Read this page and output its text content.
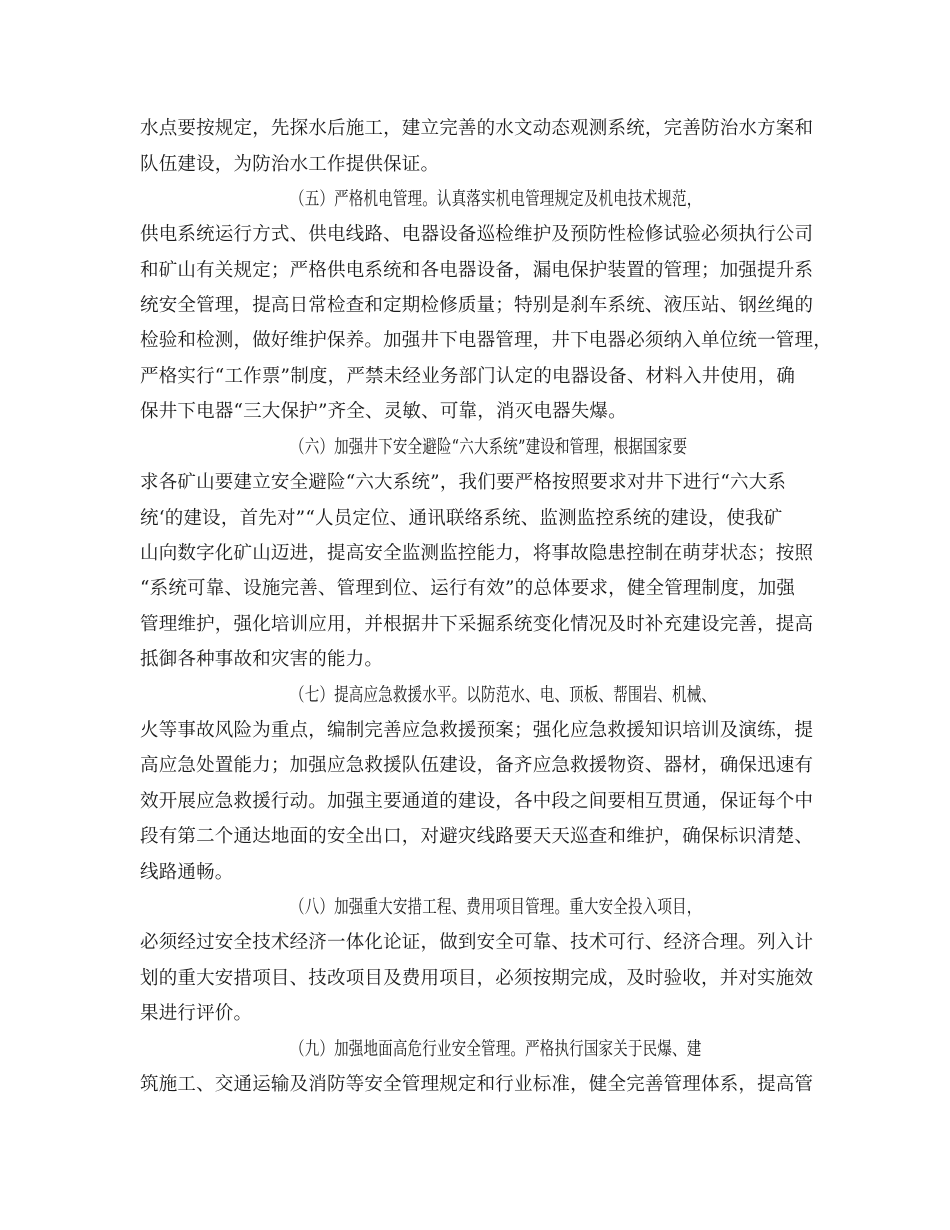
水点要按规定，先探水后施工，建立完善的水文动态观测系统，完善防治水方案和
队伍建设，为防治水工作提供保证。
（五）严格机电管理。认真落实机电管理规定及机电技术规范，
供电系统运行方式、供电线路、电器设备巡检维护及预防性检修试验必须执行公司
和矿山有关规定；严格供电系统和各电器设备，漏电保护装置的管理；加强提升系
统安全管理，提高日常检查和定期检修质量；特别是刹车系统、液压站、钢丝绳的
检验和检测，做好维护保养。加强井下电器管理，井下电器必须纳入单位统一管理，
严格实行“工作票”制度，严禁未经业务部门认定的电器设备、材料入井使用，确
保井下电器“三大保护”齐全、灵敏、可靠，消灭电器失爆。
（六）加强井下安全避险“六大系统”建设和管理，根据国家要
求各矿山要建立安全避险“六大系统”，我们要严格按照要求对井下进行“六大系
统‘的建设，首先对”“人员定位、通讯联络系统、监测监控系统的建设，使我矿
山向数字化矿山迈进，提高安全监测监控能力，将事故隐患控制在萌芽状态；按照
“系统可靠、设施完善、管理到位、运行有效”的总体要求，健全管理制度，加强
管理维护，强化培训应用，并根据井下采掘系统变化情况及时补充建设完善，提高
抵御各种事故和灾害的能力。
（七）提高应急救援水平。以防范水、电、顶板、帮围岩、机械、
火等事故风险为重点，编制完善应急救援预案；强化应急救援知识培训及演练，提
高应急处置能力；加强应急救援队伍建设，备齐应急救援物资、器材，确保迅速有
效开展应急救援行动。加强主要通道的建设，各中段之间要相互贯通，保证每个中
段有第二个通达地面的安全出口，对避灾线路要天天巡查和维护，确保标识清楚、
线路通畅。
（八）加强重大安措工程、费用项目管理。重大安全投入项目，
必须经过安全技术经济一体化论证，做到安全可靠、技术可行、经济合理。列入计
划的重大安措项目、技改项目及费用项目，必须按期完成，及时验收，并对实施效
果进行评价。
（九）加强地面高危行业安全管理。严格执行国家关于民爆、建
筑施工、交通运输及消防等安全管理规定和行业标准，健全完善管理体系，提高管
